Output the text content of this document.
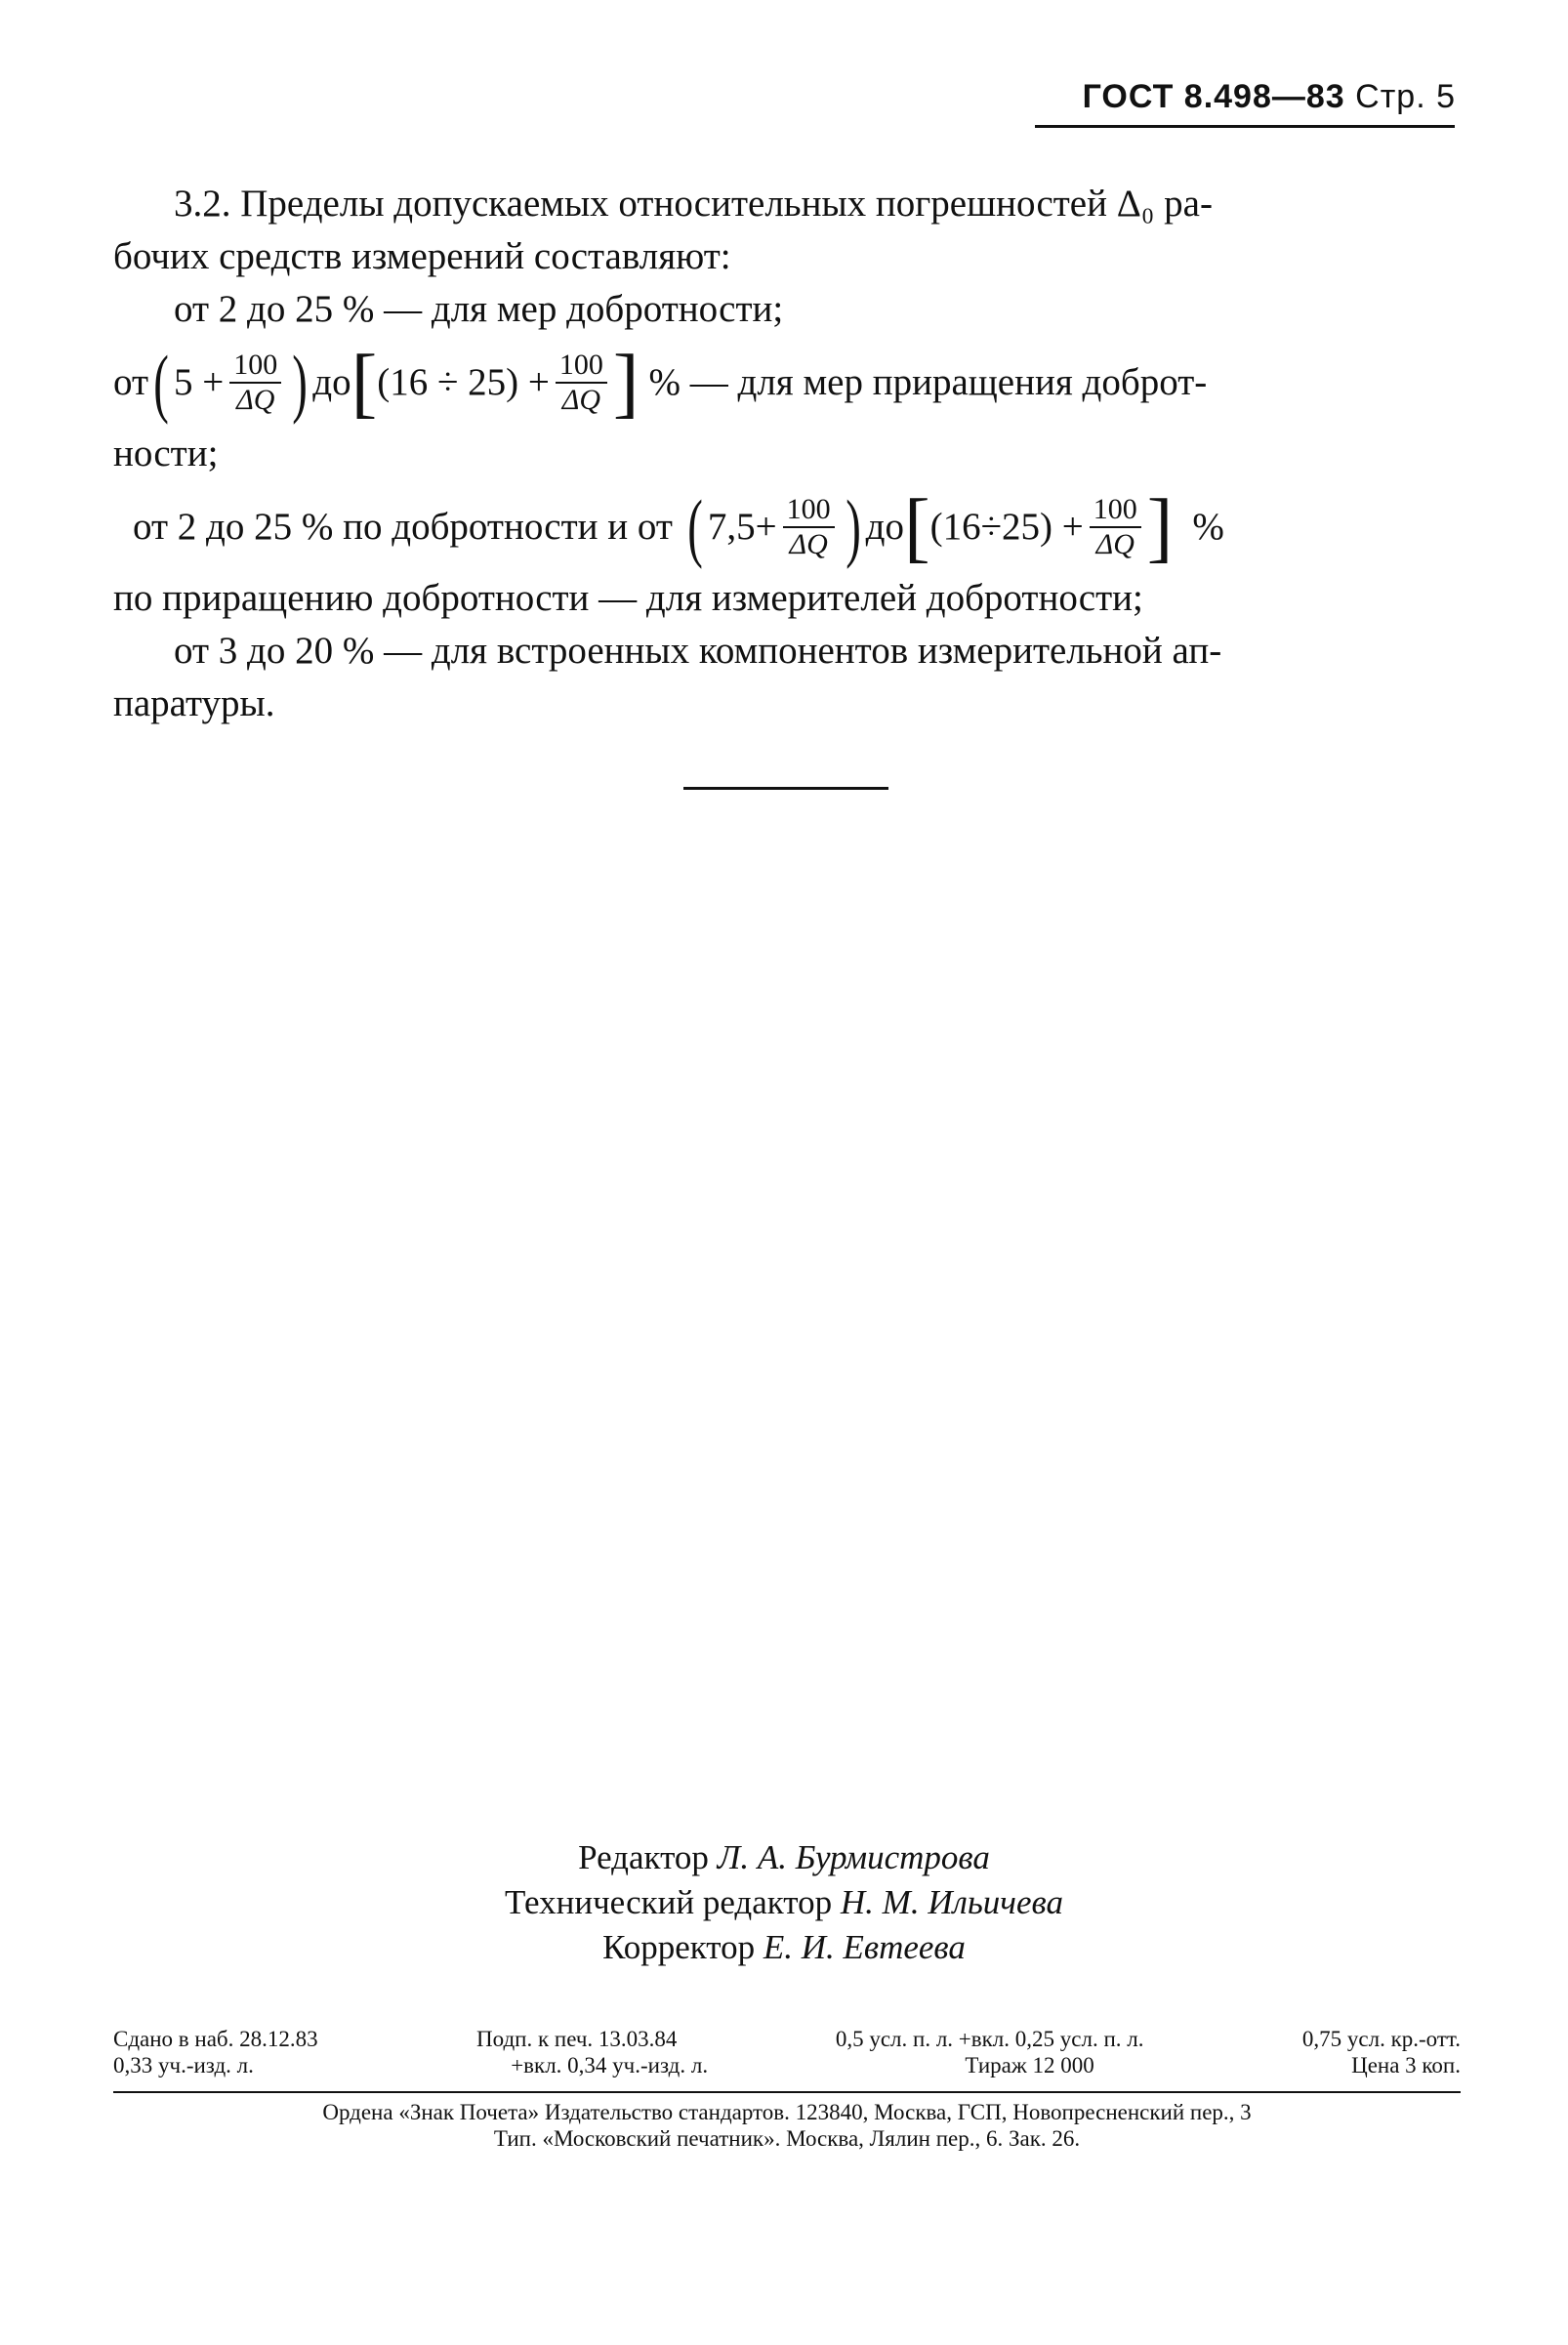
ГОСТ 8.498—83 Стр. 5

3.2. Пределы допускаемых относительных погрешностей Δ₀ ра-
бочих средств измерений составляют:

от 2 до 25 % — для мер добротности;

от ( $5 + \frac{100}{\Delta Q}$ ) до [ $(16 \div 25) + \frac{100}{\Delta Q}$ ] % — для мер приращения доброт-

ности;

от 2 до 25 % по добротности и от ( $7,5+ \frac{100}{\Delta Q}$ ) до [ $(16\div 25) + \frac{100}{\Delta Q}$ ] %

по приращению добротности — для измерителей добротности;

от 3 до 20 % — для встроенных компонентов измерительной ап-
паратуры.

Редактор Л. А. Бурмистрова
Технический редактор Н. М. Ильичева
Корректор Е. И. Евтеева
Сдано в наб. 28.12.83	Подп. к печ. 13.03.84	0,5 усл. п. л. +вкл. 0,25 усл. п. л.	0,75 усл. кр.-отт.
0,33 уч.-изд. л.	+вкл. 0,34 уч.-изд. л.	Тираж 12 000	Цена 3 коп.
Ордена «Знак Почета» Издательство стандартов. 123840, Москва, ГСП, Новопресненский пер., 3
Тип. «Московский печатник». Москва, Лялин пер., 6. Зак. 26.
